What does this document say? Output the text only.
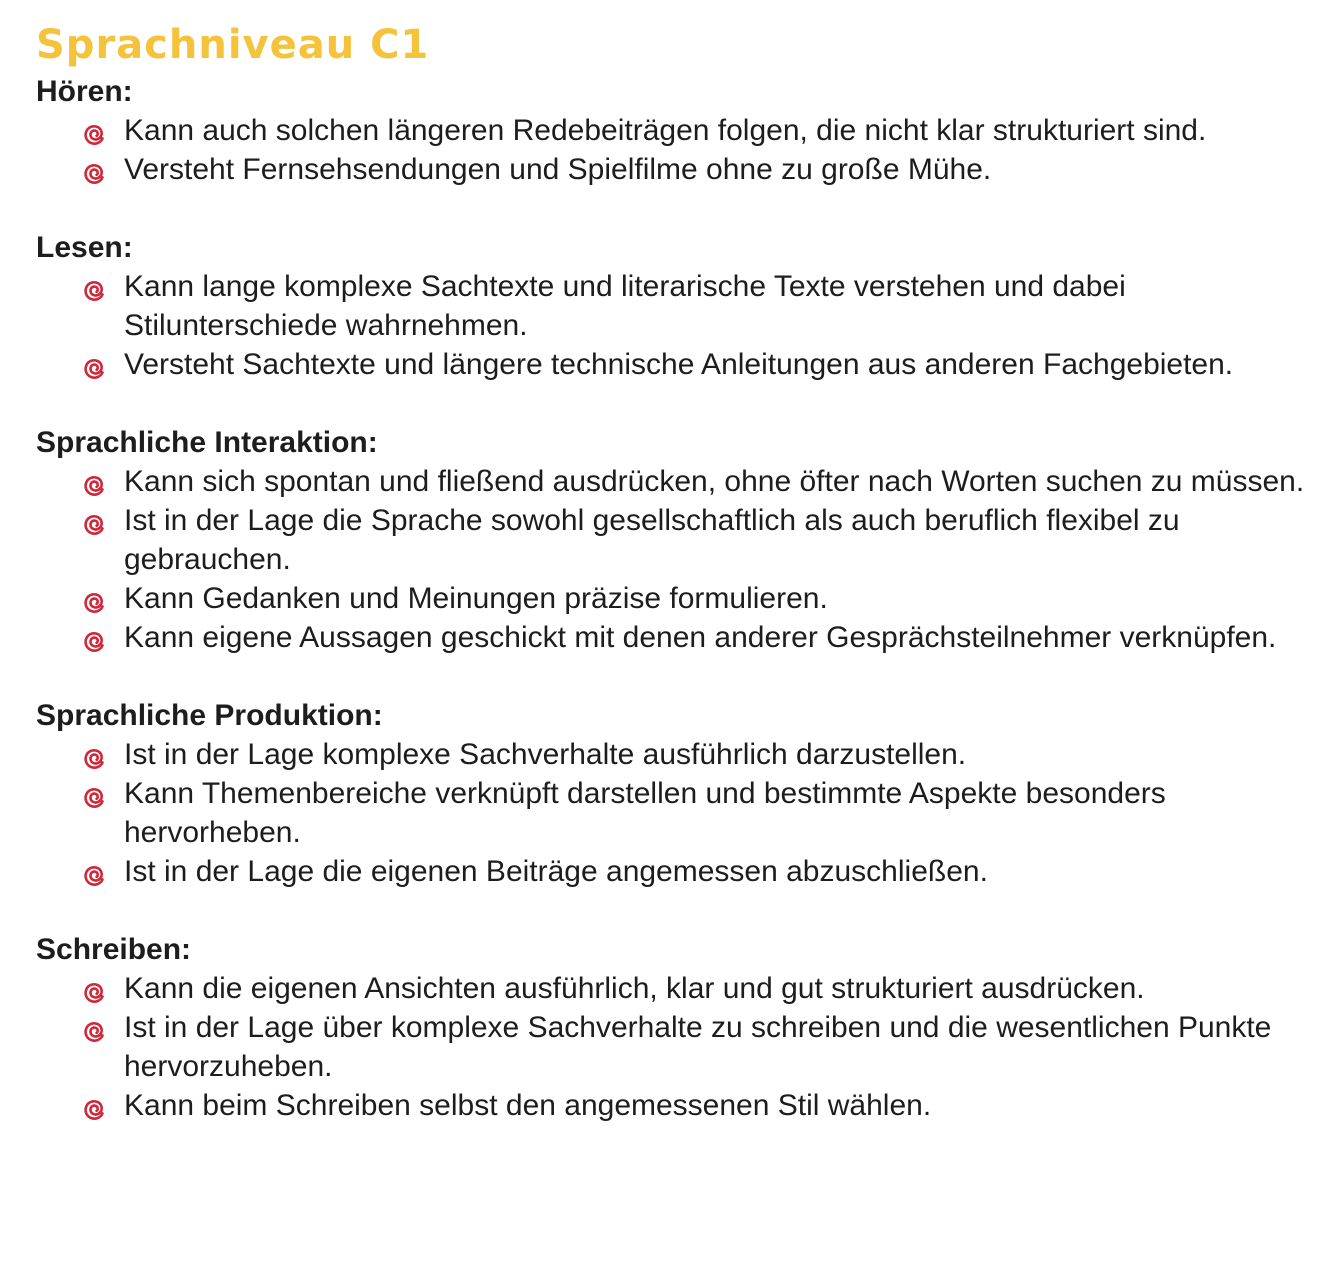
Sprachniveau C1
Hören:
Kann auch solchen längeren Redebeiträgen folgen, die nicht klar strukturiert sind.
Versteht Fernsehsendungen und Spielfilme ohne zu große Mühe.
Lesen:
Kann lange komplexe Sachtexte und literarische Texte verstehen und dabei Stilunterschiede wahrnehmen.
Versteht Sachtexte und längere technische Anleitungen aus anderen Fachgebieten.
Sprachliche Interaktion:
Kann sich spontan und fließend ausdrücken, ohne öfter nach Worten suchen zu müssen.
Ist in der Lage die Sprache sowohl gesellschaftlich als auch beruflich flexibel zu gebrauchen.
Kann Gedanken und Meinungen präzise formulieren.
Kann eigene Aussagen geschickt mit denen anderer Gesprächsteilnehmer verknüpfen.
Sprachliche Produktion:
Ist in der Lage komplexe Sachverhalte ausführlich darzustellen.
Kann Themenbereiche verknüpft darstellen und bestimmte Aspekte besonders hervorheben.
Ist in der Lage die eigenen Beiträge angemessen abzuschließen.
Schreiben:
Kann die eigenen Ansichten ausführlich, klar und gut strukturiert ausdrücken.
Ist in der Lage über komplexe Sachverhalte zu schreiben und die wesentlichen Punkte hervorzuheben.
Kann beim Schreiben selbst den angemessenen Stil wählen.
